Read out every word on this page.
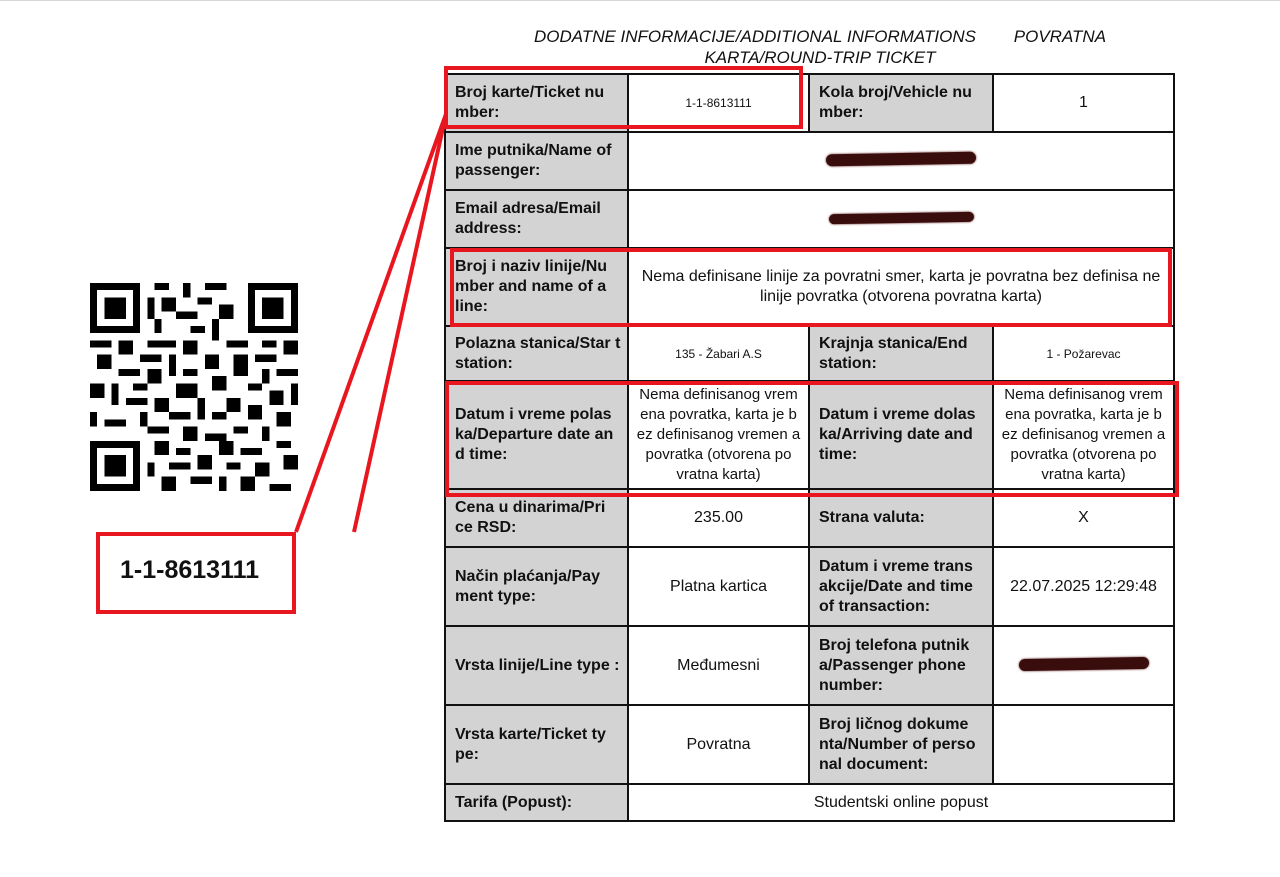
DODATNE INFORMACIJE/ADDITIONAL INFORMATIONS POVRATNA
KARTA/ROUND-TRIP TICKET
Broj karte/Ticket nu mber:	1-1-8613111	Kola broj/Vehicle nu mber:	1
Ime putnika/Name of passenger:			
Email adresa/Email address:			
Broj i naziv linije/Nu mber and name of a line:	Nema definisane linije za povratni smer, karta je povratna bez definisa ne linije povratka (otvorena povratna karta)		
Polazna stanica/Star t station:	135 - Žabari A.S	Krajnja stanica/End station:	1 - Požarevac
Datum i vreme polas ka/Departure date an d time:	Nema definisanog vrem ena povratka, karta je b ez definisanog vremen a povratka (otvorena po vratna karta)	Datum i vreme dolas ka/Arriving date and time:	Nema definisanog vrem ena povratka, karta je b ez definisanog vremen a povratka (otvorena po vratna karta)
Cena u dinarima/Pri ce RSD:	235.00	Strana valuta:	X
Način plaćanja/Pay ment type:	Platna kartica	Datum i vreme trans akcije/Date and time of transaction:	22.07.2025 12:29:48
Vrsta linije/Line type :	Međumesni	Broj telefona putnik a/Passenger phone number:	
Vrsta karte/Ticket ty pe:	Povratna	Broj ličnog dokume nta/Number of perso nal document:	
Tarifa (Popust):	Studentski online popust		
1-1-8613111
